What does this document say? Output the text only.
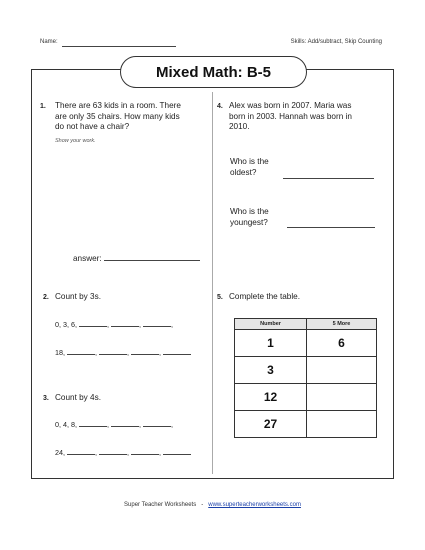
Name:	Skills: Add/subtract, Skip Counting
Mixed Math: B-5
1. There are 63 kids in a room. There
are only 35 chairs. How many kids
do not have a chair?
Show your work.
answer:
2. Count by 3s.
0, 3, 6,	,	,	,
18,	,	,	,
3. Count by 4s.
0, 4, 8,	,	,	,
24,	,	,	,
4. Alex was born in 2007. Maria was
born in 2003. Hannah was born in
2010.
Who is the
oldest?
Who is the
youngest?
5. Complete the table.
Number	5 More
1	6
3	
12	
27	
Super Teacher Worksheets - www.superteacherworksheets.com
